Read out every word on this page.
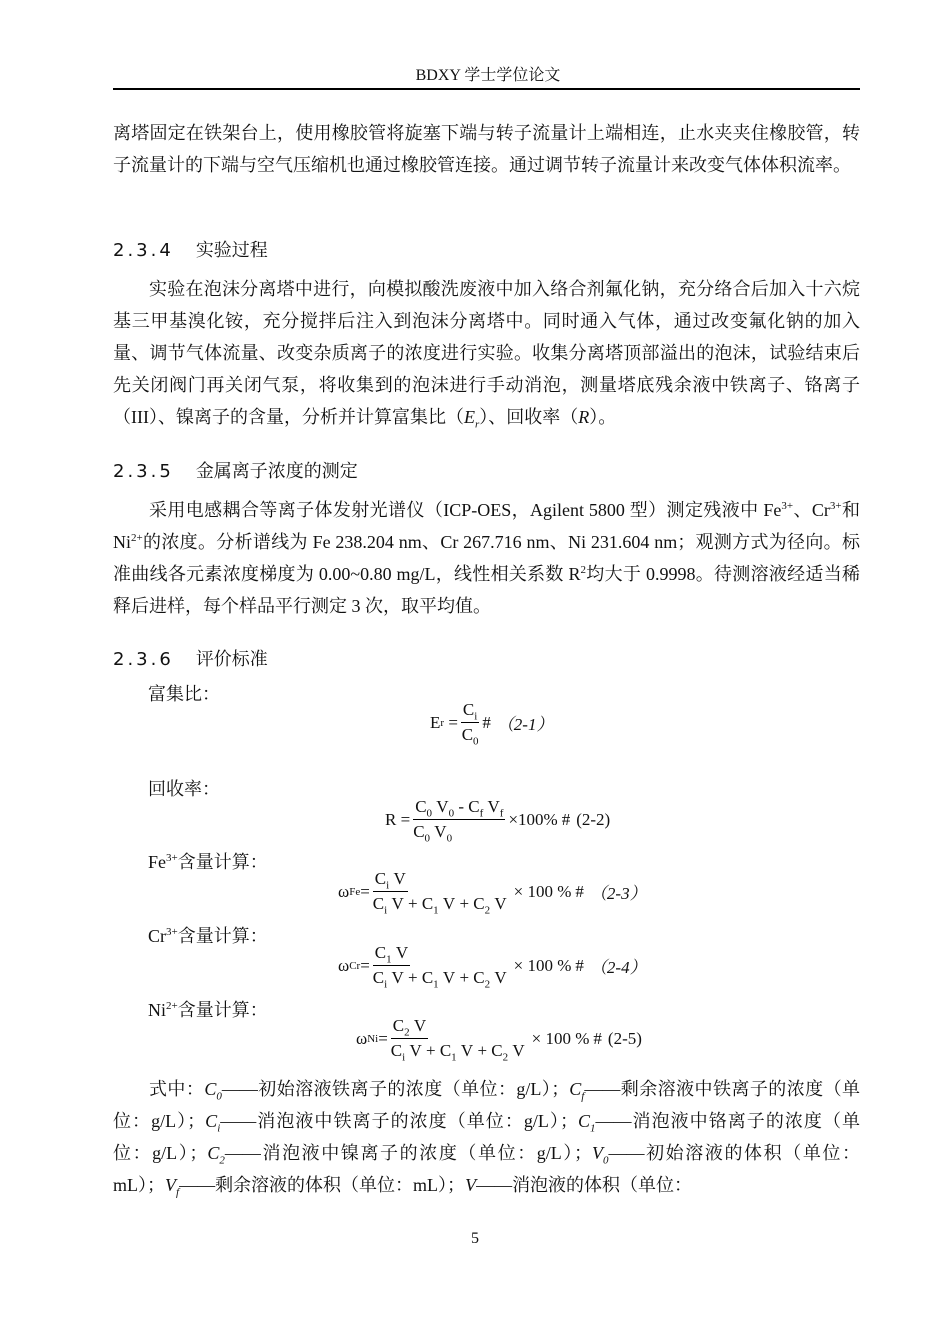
BDXY 学士学位论文
离塔固定在铁架台上，使用橡胶管将旋塞下端与转子流量计上端相连，止水夹夹住橡胶管，转子流量计的下端与空气压缩机也通过橡胶管连接。通过调节转子流量计来改变气体体积流率。
2.3.4 实验过程
实验在泡沫分离塔中进行，向模拟酸洗废液中加入络合剂氟化钠，充分络合后加入十六烷基三甲基溴化铵，充分搅拌后注入到泡沫分离塔中。同时通入气体，通过改变氟化钠的加入量、调节气体流量、改变杂质离子的浓度进行实验。收集分离塔顶部溢出的泡沫，试验结束后先关闭阀门再关闭气泵，将收集到的泡沫进行手动消泡，测量塔底残余液中铁离子、铬离子（III）、镍离子的含量，分析并计算富集比$(E_r)$、回收率（R）。
2.3.5 金属离子浓度的测定
采用电感耦合等离子体发射光谱仪（ICP-OES，Agilent 5800 型）测定残液中 $Fe^{3+}$、$Cr^{3+}$和 $Ni^{2+}$的浓度。分析谱线为 Fe 238.204 nm、Cr 267.716 nm、Ni 231.604 nm；观测方式为径向。标准曲线各元素浓度梯度为 0.00~0.80 mg/L，线性相关系数 $R^2$均大于 0.9998。待测溶液经适当稀释后进样，每个样品平行测定 3 次，取平均值。
2.3.6 评价标准
富集比：
E $r = \frac{C_i}{C_0}$ # （2-1）
回收率：
$R = \frac{C_0 V_0 - C_f V_f}{C_0 V_0} \times 100\%$ # (2-2)
$Fe^{3+}$含量计算：
ω $Fe = \frac{C_i V}{C_i V + C_1 V + C_2 V} \times 100$ % # （2-3）
$Cr^{3+}$含量计算：
ω $Cr = \frac{C_1 V}{C_i V + C_1 V + C_2 V} \times 100$ % # （2-4）
$Ni^{2+}$含量计算：
ω $Ni = \frac{C_2 V}{C_i V + C_1 V + C_2 V} \times 100$ % # (2-5)
式中：$C_0——$初始溶液铁离子的浓度（单位：g/L）；$C_f——$剩余溶液中铁离子的浓度（单位：g/L）；$C_i——$消泡液中铁离子的浓度（单位：g/L）；$C_1——$消泡液中铬离子的浓度（单位：g/L）；$C_2——$消泡液中镍离子的浓度（单位：g/L）；$V_0——$初始溶液的体积（单位：mL）；$V_f——$剩余溶液的体积（单位：mL）；V——消泡液的体积（单位：
5
